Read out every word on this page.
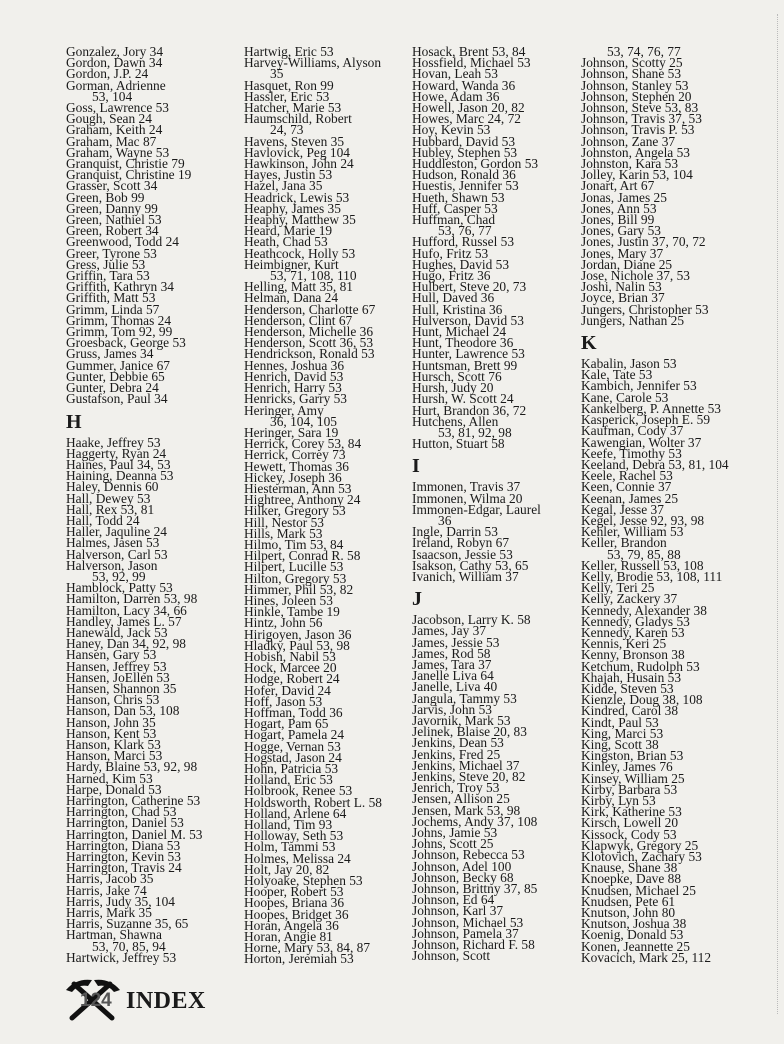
Gonzalez, Jory 34
Gordon, Dawn 34
Gordon, J.P. 24
Gorman, Adrienne
53, 104
Goss, Lawrence 53
Gough, Sean 24
Graham, Keith 24
Graham, Mac 87
Graham, Wayne 53
Granquist, Christie 79
Granquist, Christine 19
Grasser, Scott 34
Green, Bob 99
Green, Danny 99
Green, Nathiel 53
Green, Robert 34
Greenwood, Todd 24
Greer, Tyrone 53
Gress, Julie 53
Griffin, Tara 53
Griffith, Kathryn 34
Griffith, Matt 53
Grimm, Linda 57
Grimm, Thomas 24
Grimm, Tom 92, 99
Groesback, George 53
Gruss, James 34
Gummer, Janice 67
Gunter, Debbie 65
Gunter, Debra 24
Gustafson, Paul 34
H
Haake, Jeffrey 53
Haggerty, Ryan 24
Haines, Paul 34, 53
Haining, Deanna 53
Haley, Dennis 60
Hall, Dewey 53
Hall, Rex 53, 81
Hall, Todd 24
Haller, Jaquline 24
Halmes, Jasen 53
Halverson, Carl 53
Halverson, Jason
53, 92, 99
Hamblock, Patty 53
Hamilton, Darren 53, 98
Hamilton, Lacy 34, 66
Handley, James L. 57
Hanewald, Jack 53
Haney, Dan 34, 92, 98
Hansen, Gary 53
Hansen, Jeffrey 53
Hansen, JoEllen 53
Hansen, Shannon 35
Hanson, Chris 53
Hanson, Dan 53, 108
Hanson, John 35
Hanson, Kent 53
Hanson, Klark 53
Hanson, Marci 53
Hardy, Blaine 53, 92, 98
Harned, Kim 53
Harpe, Donald 53
Harrington, Catherine 53
Harrington, Chad 53
Harrington, Daniel 53
Harrington, Daniel M. 53
Harrington, Diana 53
Harrington, Kevin 53
Harrington, Travis 24
Harris, Jacob 35
Harris, Jake 74
Harris, Judy 35, 104
Harris, Mark 35
Harris, Suzanne 35, 65
Hartman, Shawna
53, 70, 85, 94
Hartwick, Jeffrey 53
Hartwig, Eric 53
Harvey-Williams, Alyson
35
Hasquet, Ron 99
Hassler, Eric 53
Hatcher, Marie 53
Haumschild, Robert
24, 73
Havens, Steven 35
Havlovick, Peg 104
Hawkinson, John 24
Hayes, Justin 53
Hazel, Jana 35
Headrick, Lewis 53
Heaphy, James 35
Heaphy, Matthew 35
Heard, Marie 19
Heath, Chad 53
Heathcock, Holly 53
Heimbigner, Kurt
53, 71, 108, 110
Helling, Matt 35, 81
Helman, Dana 24
Henderson, Charlotte 67
Henderson, Clint 67
Henderson, Michelle 36
Henderson, Scott 36, 53
Hendrickson, Ronald 53
Hennes, Joshua 36
Henrich, David 53
Henrich, Harry 53
Henricks, Garry 53
Heringer, Amy
36, 104, 105
Heringer, Sara 19
Herrick, Corey 53, 84
Herrick, Correy 73
Hewett, Thomas 36
Hickey, Joseph 36
Hiesterman, Ann 53
Hightree, Anthony 24
Hilker, Gregory 53
Hill, Nestor 53
Hills, Mark 53
Hilmo, Tim 53, 84
Hilpert, Conrad R. 58
Hilpert, Lucille 53
Hilton, Gregory 53
Himmer, Phil 53, 82
Hines, Joleen 53
Hinkle, Tambe 19
Hintz, John 56
Hirigoyen, Jason 36
Hladky, Paul 53, 98
Hobish, Nabil 53
Hock, Marcee 20
Hodge, Robert 24
Hofer, David 24
Hoff, Jason 53
Hoffman, Todd 36
Hogart, Pam 65
Hogart, Pamela 24
Hogge, Vernan 53
Hogstad, Jason 24
Hohn, Patricia 53
Holland, Eric 53
Holbrook, Renee 53
Holdsworth, Robert L. 58
Holland, Arlene 64
Holland, Tim 93
Holloway, Seth 53
Holm, Tammi 53
Holmes, Melissa 24
Holt, Jay 20, 82
Holyoake, Stephen 53
Hooper, Robert 53
Hoopes, Briana 36
Hoopes, Bridget 36
Horan, Angela 36
Horan, Angie 81
Horne, Mary 53, 84, 87
Horton, Jeremiah 53
Hosack, Brent 53, 84
Hossfield, Michael 53
Hovan, Leah 53
Howard, Wanda 36
Howe, Adam 36
Howell, Jason 20, 82
Howes, Marc 24, 72
Hoy, Kevin 53
Hubbard, David 53
Hubley, Stephen 53
Huddleston, Gordon 53
Hudson, Ronald 36
Huestis, Jennifer 53
Hueth, Shawn 53
Huff, Casper 53
Huffman, Chad
53, 76, 77
Hufford, Russel 53
Hufo, Fritz 53
Hughes, David 53
Hugo, Fritz 36
Hulbert, Steve 20, 73
Hull, Daved 36
Hull, Kristina 36
Hulverson, David 53
Hunt, Michael 24
Hunt, Theodore 36
Hunter, Lawrence 53
Huntsman, Brett 99
Hursch, Scott 76
Hursh, Judy 20
Hursh, W. Scott 24
Hurt, Brandon 36, 72
Hutchens, Allen
53, 81, 92, 98
Hutton, Stuart 58
I
Immonen, Travis 37
Immonen, Wilma 20
Immonen-Edgar, Laurel
36
Ingle, Darrin 53
Ireland, Robyn 67
Isaacson, Jessie 53
Isakson, Cathy 53, 65
Ivanich, William 37
J
Jacobson, Larry K. 58
James, Jay 37
James, Jessie 53
James, Rod 58
James, Tara 37
Janelle Liva 64
Janelle, Liva 40
Jangula, Tammy 53
Jarvis, John 53
Javornik, Mark 53
Jelinek, Blaise 20, 83
Jenkins, Dean 53
Jenkins, Fred 25
Jenkins, Michael 37
Jenkins, Steve 20, 82
Jenrich, Troy 53
Jensen, Allison 25
Jensen, Mark 53, 98
Jochems, Andy 37, 108
Johns, Jamie 53
Johns, Scott 25
Johnson, Rebecca 53
Johnson, Adel 100
Johnson, Becky 68
Johnson, Brittny 37, 85
Johnson, Ed 64
Johnson, Karl 37
Johnson, Michael 53
Johnson, Pamela 37
Johnson, Richard F. 58
Johnson, Scott
53, 74, 76, 77
Johnson, Scotty 25
Johnson, Shane 53
Johnson, Stanley 53
Johnson, Stephen 20
Johnson, Steve 53, 83
Johnson, Travis 37, 53
Johnson, Travis P. 53
Johnson, Zane 37
Johnston, Angela 53
Johnston, Kara 53
Jolley, Karin 53, 104
Jonart, Art 67
Jonas, James 25
Jones, Ann 53
Jones, Bill 99
Jones, Gary 53
Jones, Justin 37, 70, 72
Jones, Mary 37
Jordan, Diane 25
Jose, Nichole 37, 53
Joshi, Nalin 53
Joyce, Brian 37
Jungers, Christopher 53
Jungers, Nathan 25
K
Kabalin, Jason 53
Kale, Tate 53
Kambich, Jennifer 53
Kane, Carole 53
Kankelberg, P. Annette 53
Kasperick, Joseph E. 59
Kaufman, Cody 37
Kawengian, Wolter 37
Keefe, Timothy 53
Keeland, Debra 53, 81, 104
Keele, Rachel 53
Keen, Connie 37
Keenan, James 25
Kegal, Jesse 37
Kegel, Jesse 92, 93, 98
Kehler, William 53
Keller, Brandon
53, 79, 85, 88
Keller, Russell 53, 108
Kelly, Brodie 53, 108, 111
Kelly, Teri 25
Kelly, Zackery 37
Kennedy, Alexander 38
Kennedy, Gladys 53
Kennedy, Karen 53
Kennis, Keri 25
Kenny, Bronson 38
Ketchum, Rudolph 53
Khajah, Husain 53
Kidde, Steven 53
Kienzle, Doug 38, 108
Kindred, Carol 38
Kindt, Paul 53
King, Marci 53
King, Scott 38
Kingston, Brian 53
Kinley, James 76
Kinsey, William 25
Kirby, Barbara 53
Kirby, Lyn 53
Kirk, Katherine 53
Kirsch, Lowell 20
Kissock, Cody 53
Klapwyk, Gregory 25
Klotovich, Zachary 53
Knause, Shane 38
Knoepke, Dave 88
Knudsen, Michael 25
Knudsen, Pete 61
Knutson, John 80
Knutson, Joshua 38
Koenig, Donald 53
Konen, Jeannette 25
Kovacich, Mark 25, 112
124 INDEX
